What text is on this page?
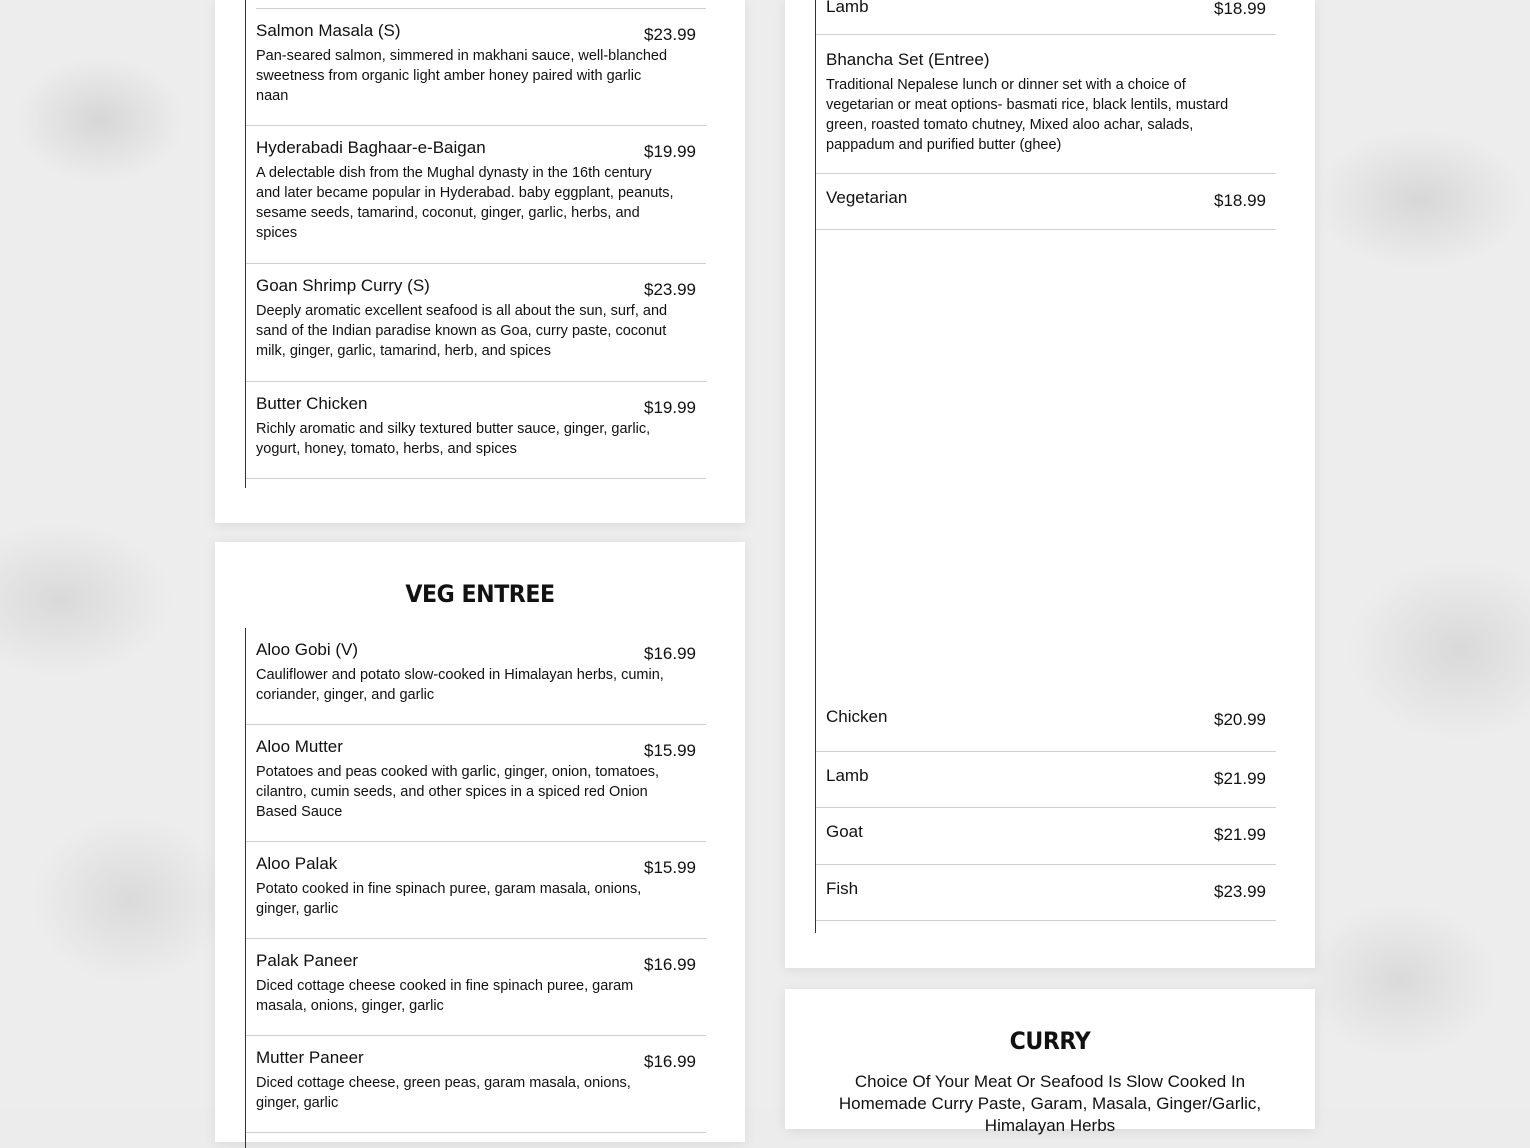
Salmon Masala (S)	$23.99
Pan-seared salmon, simmered in makhani sauce, well-blanched sweetness from organic light amber honey paired with garlic naan
Hyderabadi Baghaar-e-Baigan	$19.99
A delectable dish from the Mughal dynasty in the 16th century and later became popular in Hyderabad. baby eggplant, peanuts, sesame seeds, tamarind, coconut, ginger, garlic, herbs, and spices
Goan Shrimp Curry (S)	$23.99
Deeply aromatic excellent seafood is all about the sun, surf, and sand of the Indian paradise known as Goa, curry paste, coconut milk, ginger, garlic, tamarind, herb, and spices
Butter Chicken	$19.99
Richly aromatic and silky textured butter sauce, ginger, garlic, yogurt, honey, tomato, herbs, and spices
VEG ENTREE
Aloo Gobi (V)	$16.99
Cauliflower and potato slow-cooked in Himalayan herbs, cumin, coriander, ginger, and garlic
Aloo Mutter	$15.99
Potatoes and peas cooked with garlic, ginger, onion, tomatoes, cilantro, cumin seeds, and other spices in a spiced red Onion Based Sauce
Aloo Palak	$15.99
Potato cooked in fine spinach puree, garam masala, onions, ginger, garlic
Palak Paneer	$16.99
Diced cottage cheese cooked in fine spinach puree, garam masala, onions, ginger, garlic
Mutter Paneer	$16.99
Diced cottage cheese, green peas, garam masala, onions, ginger, garlic
Lamb	$18.99
Bhancha Set (Entree)
Traditional Nepalese lunch or dinner set with a choice of vegetarian or meat options- basmati rice, black lentils, mustard green, roasted tomato chutney, Mixed aloo achar, salads, pappadum and purified butter (ghee)
Vegetarian	$18.99
Chicken	$20.99
Lamb	$21.99
Goat	$21.99
Fish	$23.99
CURRY
Choice Of Your Meat Or Seafood Is Slow Cooked In Homemade Curry Paste, Garam, Masala, Ginger/Garlic, Himalayan Herbs
